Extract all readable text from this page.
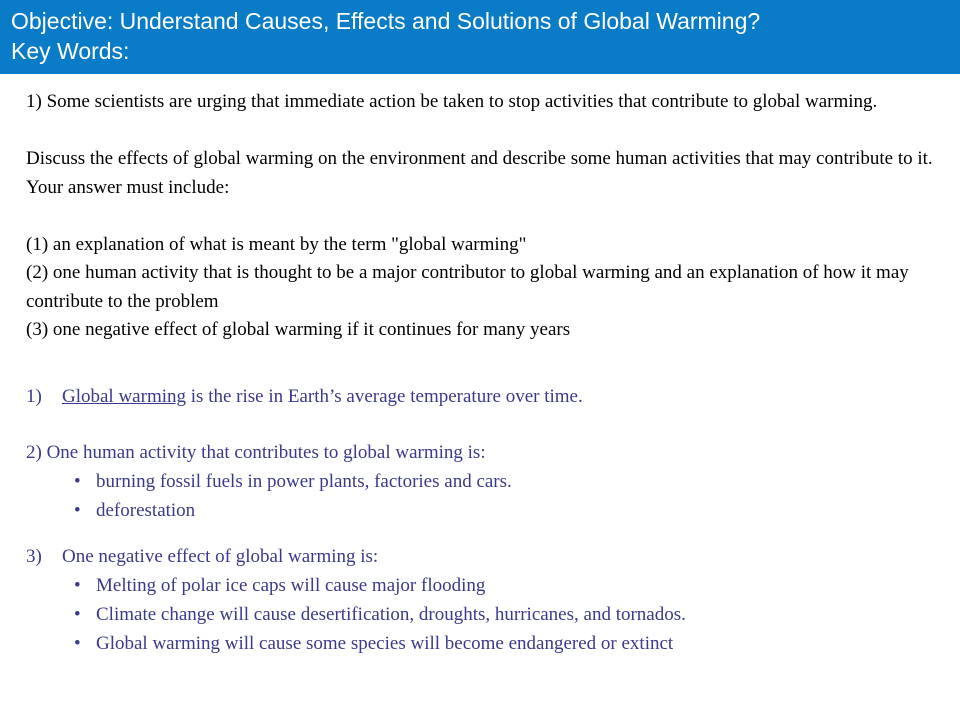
Objective: Understand Causes, Effects and Solutions of Global Warming?
Key Words:

1) Some scientists are urging that immediate action be taken to stop activities that contribute to global warming.

Discuss the effects of global warming on the environment and describe some human activities that may contribute to it. Your answer must include:

(1) an explanation of what is meant by the term "global warming"

(2) one human activity that is thought to be a major contributor to global warming and an explanation of how it may contribute to the problem

(3) one negative effect of global warming if it continues for many years

1)	Global warming is the rise in Earth’s average temperature over time.
2) One human activity that contributes to global warming is:
• burning fossil fuels in power plants, factories and cars.
• deforestation
3)	One negative effect of global warming is:
• Melting of polar ice caps will cause major flooding
• Climate change will cause desertification, droughts, hurricanes, and tornados.
• Global warming will cause some species will become endangered or extinct
